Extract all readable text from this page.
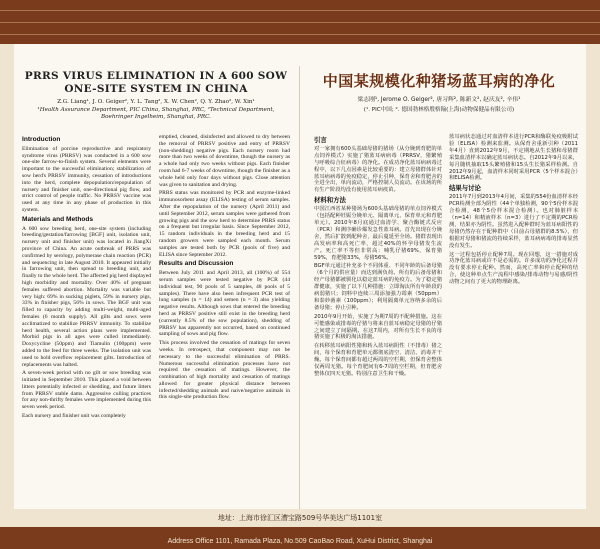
PRRS VIRUS ELIMINATION IN A 600 SOW
ONE-SITE SYSTEM IN CHINA
Z.G. Liang¹, J. O. Geiger², Y. L. Tang², X. W. Chen², Q. Y. Zhao², W. Xin¹
¹Health Assurance Department, PIC China, Shanghai, PRC, ²Technical Department, Boehringer Ingelheim, Shanghai, PRC.
中国某规模化种猪场蓝耳病的净化
梁志刚¹, Jerome O. Geiger², 唐习辉², 陈新文², 赵庆友², 辛伟¹
(¹. PIC中国; ². 德国勃林格殷格翰(上海)动物保健品有限公司)
Introduction

Elimination of porcine reproductive and respiratory syndrome virus (PRRSV) was conducted in a 600 sow one-site farrow-to-finish system. Several elements were important to the successful elimination; stabilization of sow herd's PRRSV immunity, cessation of introductions into the herd, complete depopulation/repopulation of nursery and finisher unit, one-directional pig flow, and strict control of people traffic. No PRRSV vaccine was used at any time in any phase of production in this system.

Materials and Methods

A 600 sow breeding herd, one-site system (including breeding/gestation/farrowing [BGF] unit, isolation unit, nursery unit and finisher unit) was located in JiangXi province of China. An acute outbreak of PRRS was confirmed by serology, polymerase chain reaction (PCR) and sequencing in late August 2010. It appeared initially in farrowing unit, then spread to breeding unit, and finally to the whole herd. The affected pig herd displayed high morbidity and mortality. Over 40% of pregnant females suffered abortion. Mortality was variable but very high: 69% in sucking piglets, 59% in nursery pigs, 33% in finisher pigs, 56% in sows. The BGF unit was filled to capacity by adding multi-weight, multi-aged females (6 month supply). All gilts and sows were acclimatized to stabilize PRRSV immunity. To stabilize herd health, several action plans were implemented. Morbid pigs in all ages were culled immediately. Doxycycline (50ppm) and Tiamulin (100ppm) were added to the feed for three weeks. The isolation unit was used to hold overflow replacement gilts. Introduction of replacements was halted.

A seven-week period with no gilt or sow breeding was initiated in September 2010. This placed a void between litters potentially infected or shedding, and future litters from PRRSV stable dams. Aggressive culling practices for any non-thrifty females were implemented during this seven week period.

Each nursery and finisher unit was completely

emptied, cleaned, disinfected and allowed to dry between the removal of PRRSV positive and entry of PRRSV (non-shedding) negative pigs. Each nursery room had more than two weeks of downtime, though the nursery as a whole had only two weeks without pigs. Each finisher room had 6-7 weeks of downtime, though the finisher as a whole held only four days without pigs. Close attention was given to sanitation and drying.

PRRS status was monitored by PCR and enzyme-linked immunosorbent assay (ELISA) testing of serum samples. After the repopulation of the nursery (April 2011) and until September 2012, serum samples were gathered from growing pigs and the sow herd to determine PRRS status on a frequent but irregular basis. Since September 2012, 15 random individuals in the breeding herd and 15 random growers were sampled each month. Serum samples are tested both by PCR (pools of five) and ELISA since September 2012.

Results and Discussion

Between July 2011 and April 2013, all (100%) of 554 serum samples were tested negative by PCR (44 individual test, 90 pools of 5 samples, 48 pools of 5 samples). There have also been infrequent PCR test of lung samples (n = 14) and semen (n = 3) also yielding negative results. Although sows that entered the breeding herd as PRRSV positive still exist in the breeding herd (currently 8.5% of the sow population), shedding of PRRSV has apparently not occurred, based on continued sampling of sows and pig flow.

This process involved the cessation of matings for seven weeks. In retrospect, that component may not be necessary to the successful elimination of PRRS. Numerous successful elimination processes have not required the cessation of matings. However, the combination of high mortality and cessation of matings allowed for greater physical distance between infected/shedding animals and naive/negative animals in this single-site production flow.

引言

对一家拥有600头基础母猪的猪场（从分娩到育肥的单点饲养模式）实施了猪蓝耳病病毒（PRRSV，猪繁殖与呼吸综合征病毒）的净化。在成功净化蓝耳病病毒过程中，以下几点因素是比较重要的：建立母猪群体针对蓝耳病病毒的免疫稳定，停止引种，保育舍和育肥舍的全进全出，单向流动，严格控制人员流动。在该场的所有生产阶段均没有使用蓝耳病疫苗。

材料和方法

中国江西省某种猪场为600头基础母猪的单点饲养模式（包括配种妊娠分娩单元、隔离单元、保育单元和育肥单元）。2010年8月底通过血清学、聚合酶链式反应（PCR）和测序确诊爆发急性蓝耳病。首先出现在分娩舍，然后扩散到配种舍，最后蔓延至全场。猪群表现出高发病率和高死亡率，超过40%的怀孕母猪发生流产。死亡率不等但非常高：哺乳仔猪69%，保育猪59%，育肥猪33%，母猪56%。

BGF单元通过补充多个不同体重、不同年龄的后备母猪（6个月的供应量）而达到满负荷。所有的后备母猪和经产母猪都被驯化以稳定蓝耳病的免疫力。为了稳定猪群健康，实施了以下几种措施：立即淘汰所有年龄段的病弱猪只；饲料中连续三周添加强力霉素（50ppm）和泰妙菌素（100ppm）；利用隔离单元容纳多余的后备母猪；停止引种。

2010年9月开始，实施了为期7周的不配种措施。这在可能感染或排毒的仔猪与将来自蓝耳病稳定母猪的仔猪之间建立了间隔期。在这7周内，对所有生长不良的母猪实施了积极的淘汰措施。

在转移蓝耳病阳性猪和转入蓝耳病阴性（不排毒）猪之间，每个保育和育肥单元都彻底清空、清洁、消毒并干燥。每个保育间都有超过两周的空栏期，但保育舍整体仅两周无猪。每个育肥间有6-7周的空栏期，但育肥舍整体仅四天无猪。特别注意卫生和干燥。

蓝耳病状态通过对血清样本进行PCR和酶联免疫吸附试验（ELISA）检测来监测。从保育舍重新引种（2011年4月）直到2012年9月，不定期地从生长猪和母猪群采集血清样本以确定蓝耳病状态。自2012年9月以来，每月随机抽取15头繁殖猪和15头生长猪采样检测。自2012年9月起，血清样本同时采用PCR（5个样本混合）和ELISA检测。

结果与讨论

2011年7月到2013年4月间，采集的554份血清样本经PCR检测全部为阴性（44个单独检测，90个5份样本混合检测，48个5份样本混合检测）。也对肺脏样本（n=14）和精液样本（n=3）进行了不定期的PCR检测，结果亦为阴性。虽然进入配种群时为蓝耳病阳性的母猪仍然存在于配种群中（目前占母猪群的8.5%），但根据对母猪和猪流的持续采样，蓝耳病病毒的排毒显然没有发生。

这一过程包括停止配种7周。现在回想，这一措施对成功净化蓝耳病或许不是必需的。许多成功的净化过程并没有要求停止配种。然而，高死亡率和停止配种的结合，使这种单点生产流程中感染/排毒动物与易感/阴性动物之间有了更大的物理距离。

地址：上海市徐汇区漕宝路509号华美达广场1101室
Address Office 1101, Ramada Plaza, No.509 CaoBao Road, XuHui District, Shanghai
